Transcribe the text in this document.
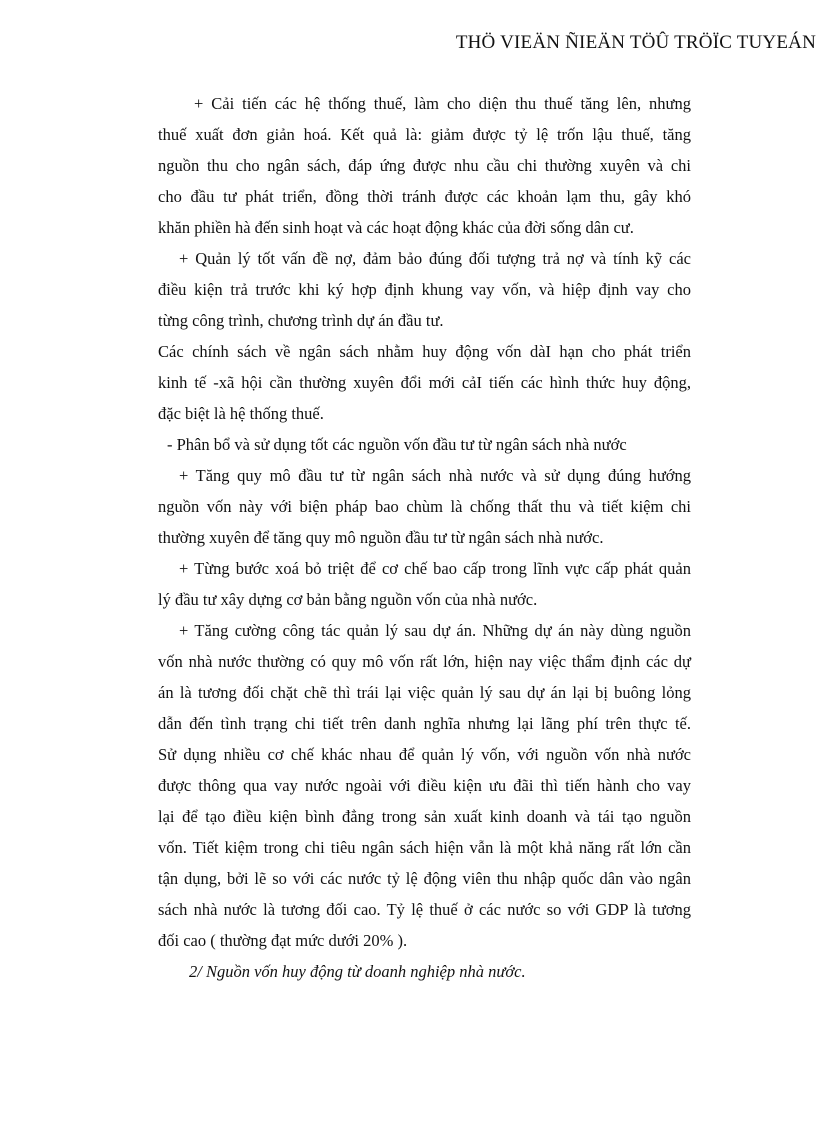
THÖ VIEÄN ÑIEÄN TÖÛ TRÖÏC TUYEÁN
+ Cải tiến các hệ thống thuế, làm cho diện thu thuế tăng lên, nhưng
thuế xuất đơn giản hoá. Kết quả là: giảm được tỷ lệ trốn lậu thuế, tăng
nguồn thu cho ngân sách, đáp ứng được nhu cầu chi thường xuyên và chi
cho đầu tư phát triển, đồng thời tránh được các khoản lạm thu, gây khó
khăn phiền hà đến sinh hoạt và các hoạt động khác của đời sống dân cư.
+ Quản lý tốt vấn đề nợ, đảm bảo đúng đối tượng trả nợ và tính kỹ các
điều kiện trả trước khi ký hợp định khung vay vốn, và hiệp định vay cho
từng công trình, chương trình dự án đầu tư.
Các chính sách về ngân sách nhằm huy động vốn dàI hạn cho phát triển
kinh tế -xã hội cần thường xuyên đổi mới cảI tiến các hình thức huy động,
đặc biệt là hệ thống thuế.
- Phân bổ và sử dụng tốt các nguồn vốn đầu tư từ ngân sách nhà nước
+ Tăng quy mô đầu tư từ ngân sách nhà nước và sử dụng đúng hướng
nguồn vốn này với biện pháp bao chùm là chống thất thu và tiết kiệm chi
thường xuyên để tăng quy mô nguồn đầu tư từ ngân sách nhà nước.
+ Từng bước xoá bỏ triệt để cơ chế bao cấp trong lĩnh vực cấp phát quản
lý đầu tư xây dựng cơ bản bằng nguồn vốn của nhà nước.
+ Tăng cường công tác quản lý sau dự án. Những dự án này dùng nguồn
vốn nhà nước thường có quy mô vốn rất lớn, hiện nay việc thẩm định các dự
án là tương đối chặt chẽ thì trái lại việc quản lý sau dự án lại bị buông lỏng
dẫn đến tình trạng chi tiết trên danh nghĩa nhưng lại lãng phí trên thực tế.
Sử dụng nhiều cơ chế khác nhau để quản lý vốn, với nguồn vốn nhà nước
được thông qua vay nước ngoài với điều kiện ưu đãi thì tiến hành cho vay
lại để tạo điều kiện bình đẳng trong sản xuất kinh doanh và tái tạo nguồn
vốn. Tiết kiệm trong chi tiêu ngân sách hiện vẫn là một khả năng rất lớn cần
tận dụng, bởi lẽ so với các nước tỷ lệ động viên thu nhập quốc dân vào ngân
sách nhà nước là tương đối cao. Tỷ lệ thuế ở các nước so với GDP là tương
đối cao ( thường đạt mức dưới 20% ).
2/ Nguồn vốn huy động từ doanh nghiệp nhà nước.
